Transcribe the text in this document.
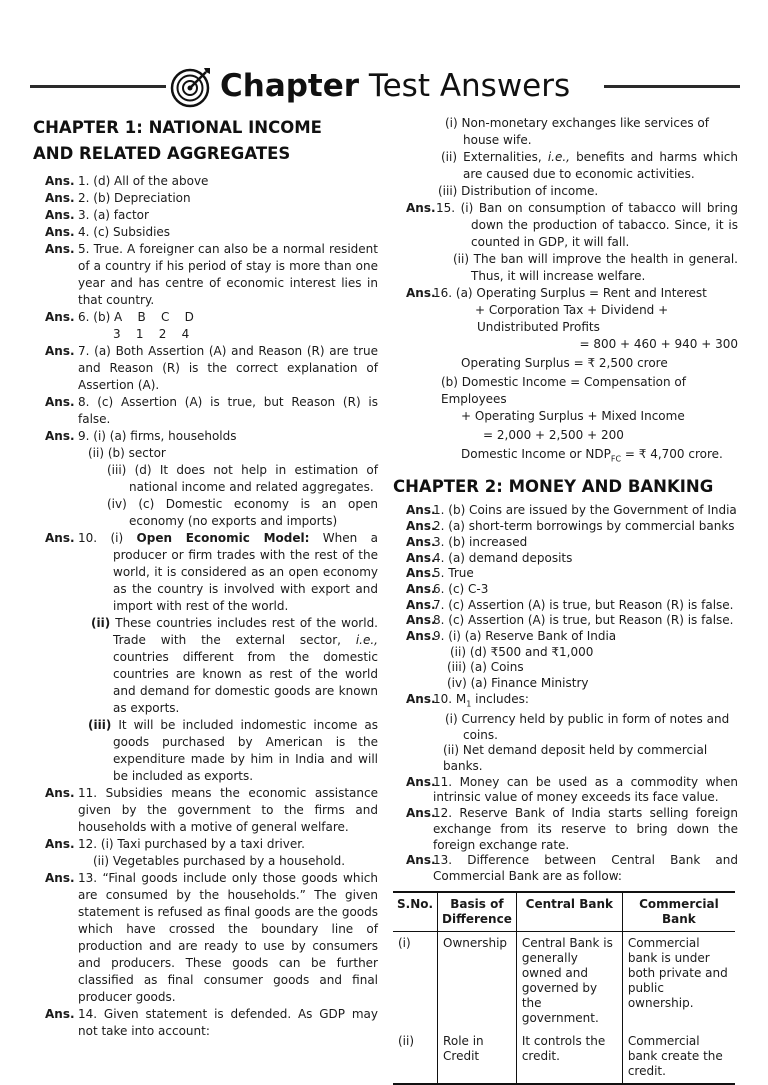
Chapter Test Answers
CHAPTER 1: NATIONAL INCOME
AND RELATED AGGREGATES
Ans. 1. (d) All of the above
Ans. 2. (b) Depreciation
Ans. 3. (a) factor
Ans. 4. (c) Subsidies
Ans. 5. True. A foreigner can also be a normal resident of a country if his period of stay is more than one year and has centre of economic interest lies in that country.
Ans. 6. (b) A    B    C    D
3    1    2    4
Ans. 7. (a) Both Assertion (A) and Reason (R) are true and Reason (R) is the correct explanation of Assertion (A).
Ans. 8. (c) Assertion (A) is true, but Reason (R) is false.
Ans. 9. (i) (a) firms, households
(ii) (b) sector
(iii) (d) It does not help in estimation of national income and related aggregates.
(iv) (c) Domestic economy is an open economy (no exports and imports)
Ans. 10. (i) Open Economic Model: When a producer or firm trades with the rest of the world, it is considered as an open economy as the country is involved with export and import with rest of the world.
(ii) These countries includes rest of the world. Trade with the external sector, i.e., countries different from the domestic countries are known as rest of the world and demand for domestic goods are known as exports.
(iii) It will be included indomestic income as goods purchased by American is the expenditure made by him in India and will be included as exports.
Ans. 11. Subsidies means the economic assistance given by the government to the firms and households with a motive of general welfare.
Ans. 12. (i) Taxi purchased by a taxi driver.
(ii) Vegetables purchased by a household.
Ans. 13. “Final goods include only those goods which are consumed by the households.” The given statement is refused as final goods are the goods which have crossed the boundary line of production and are ready to use by consumers and producers. These goods can be further classified as final consumer goods and final producer goods.
Ans. 14. Given statement is defended. As GDP may not take into account:
(i) Non-monetary exchanges like services of house wife.
(ii) Externalities, i.e., benefits and harms which are caused due to economic activities.
(iii) Distribution of income.
Ans. 15. (i) Ban on consumption of tabacco will bring down the production of tabacco. Since, it is counted in GDP, it will fall.
(ii) The ban will improve the health in general. Thus, it will increase welfare.
Ans.
16. (a) Operating Surplus = Rent and Interest
+ Corporation Tax + Dividend + Undistributed Profits
= 800 + 460 + 940 + 300
Operating Surplus = ₹ 2,500 crore
(b) Domestic Income = Compensation of Employees
+ Operating Surplus + Mixed Income
= 2,000 + 2,500 + 200
Domestic Income or $NDP_{FC}$ = ₹ 4,700 crore.
CHAPTER 2: MONEY AND BANKING
Ans.
1. (b) Coins are issued by the Government of India
Ans.
2. (a) short-term borrowings by commercial banks
Ans.
3. (b) increased
Ans.
4. (a) demand deposits
Ans.
5. True
Ans.
6. (c) C-3
Ans.
7. (c) Assertion (A) is true, but Reason (R) is false.
Ans.
8. (c) Assertion (A) is true, but Reason (R) is false.
Ans.
9. (i) (a) Reserve Bank of India
(ii) (d) ₹500 and ₹1,000
(iii) (a) Coins
(iv) (a) Finance Ministry
Ans.
10. $M_1$ includes:
(i) Currency held by public in form of notes and coins.
(ii) Net demand deposit held by commercial banks.
Ans.
11. Money can be used as a commodity when intrinsic value of money exceeds its face value.
Ans.
12. Reserve Bank of India starts selling foreign exchange from its reserve to bring down the foreign exchange rate.
Ans.
13. Difference between Central Bank and Commercial Bank are as follow:
S.No.	Basis of Difference	Central Bank	Commercial Bank
(i)	Ownership	Central Bank is generally owned and governed by the government.	Commercial bank is under both private and public ownership.
(ii)	Role in Credit	It controls the credit.	Commercial bank create the credit.
